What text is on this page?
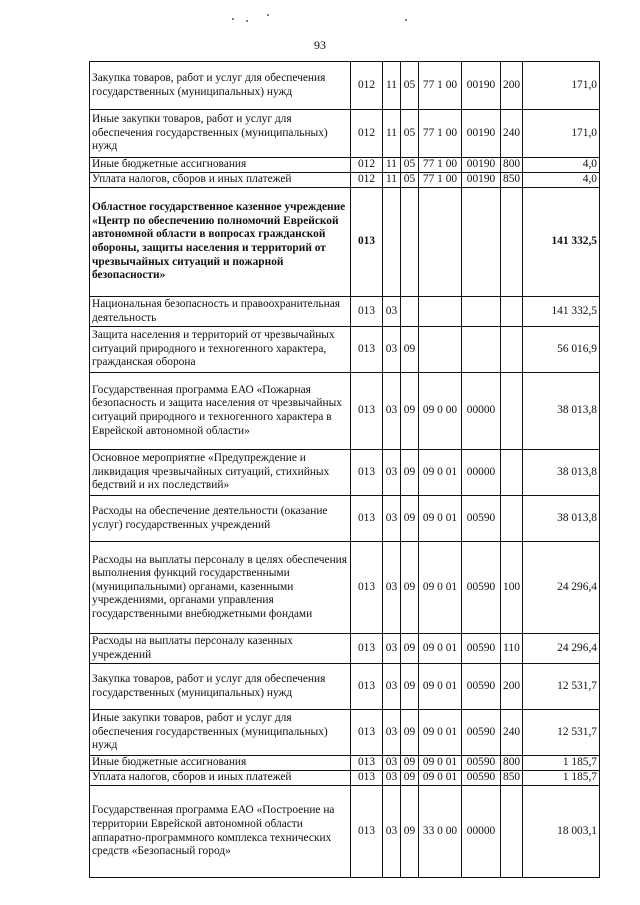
93
Закупка товаров, работ и услуг для обеспечения государственных (муниципальных) нужд	012	11	05	77 1 00	00190	200	171,0
Иные закупки товаров, работ и услуг для обеспечения государственных (муниципальных) нужд	012	11	05	77 1 00	00190	240	171,0
Иные бюджетные ассигнования	012	11	05	77 1 00	00190	800	4,0
Уплата налогов, сборов и иных платежей	012	11	05	77 1 00	00190	850	4,0
Областное государственное казенное учреждение «Центр по обеспечению полномочий Еврейской автономной области в вопросах гражданской обороны, защиты населения и территорий от чрезвычайных ситуаций и пожарной безопасности»	013						141 332,5
Национальная безопасность и правоохранительная деятельность	013	03					141 332,5
Защита населения и территорий от чрезвычайных ситуаций природного и техногенного характера, гражданская оборона	013	03	09				56 016,9
Государственная программа ЕАО «Пожарная безопасность и защита населения от чрезвычайных ситуаций природного и техногенного характера в Еврейской автономной области»	013	03	09	09 0 00	00000		38 013,8
Основное мероприятие «Предупреждение и ликвидация чрезвычайных ситуаций, стихийных бедствий и их последствий»	013	03	09	09 0 01	00000		38 013,8
Расходы на обеспечение деятельности (оказание услуг) государственных учреждений	013	03	09	09 0 01	00590		38 013,8
Расходы на выплаты персоналу в целях обеспечения выполнения функций государственными (муниципальными) органами, казенными учреждениями, органами управления государственными внебюджетными фондами	013	03	09	09 0 01	00590	100	24 296,4
Расходы на выплаты персоналу казенных учреждений	013	03	09	09 0 01	00590	110	24 296,4
Закупка товаров, работ и услуг для обеспечения государственных (муниципальных) нужд	013	03	09	09 0 01	00590	200	12 531,7
Иные закупки товаров, работ и услуг для обеспечения государственных (муниципальных) нужд	013	03	09	09 0 01	00590	240	12 531,7
Иные бюджетные ассигнования	013	03	09	09 0 01	00590	800	1 185,7
Уплата налогов, сборов и иных платежей	013	03	09	09 0 01	00590	850	1 185,7
Государственная программа ЕАО «Построение на территории Еврейской автономной области аппаратно-программного комплекса технических средств «Безопасный город»	013	03	09	33 0 00	00000		18 003,1
